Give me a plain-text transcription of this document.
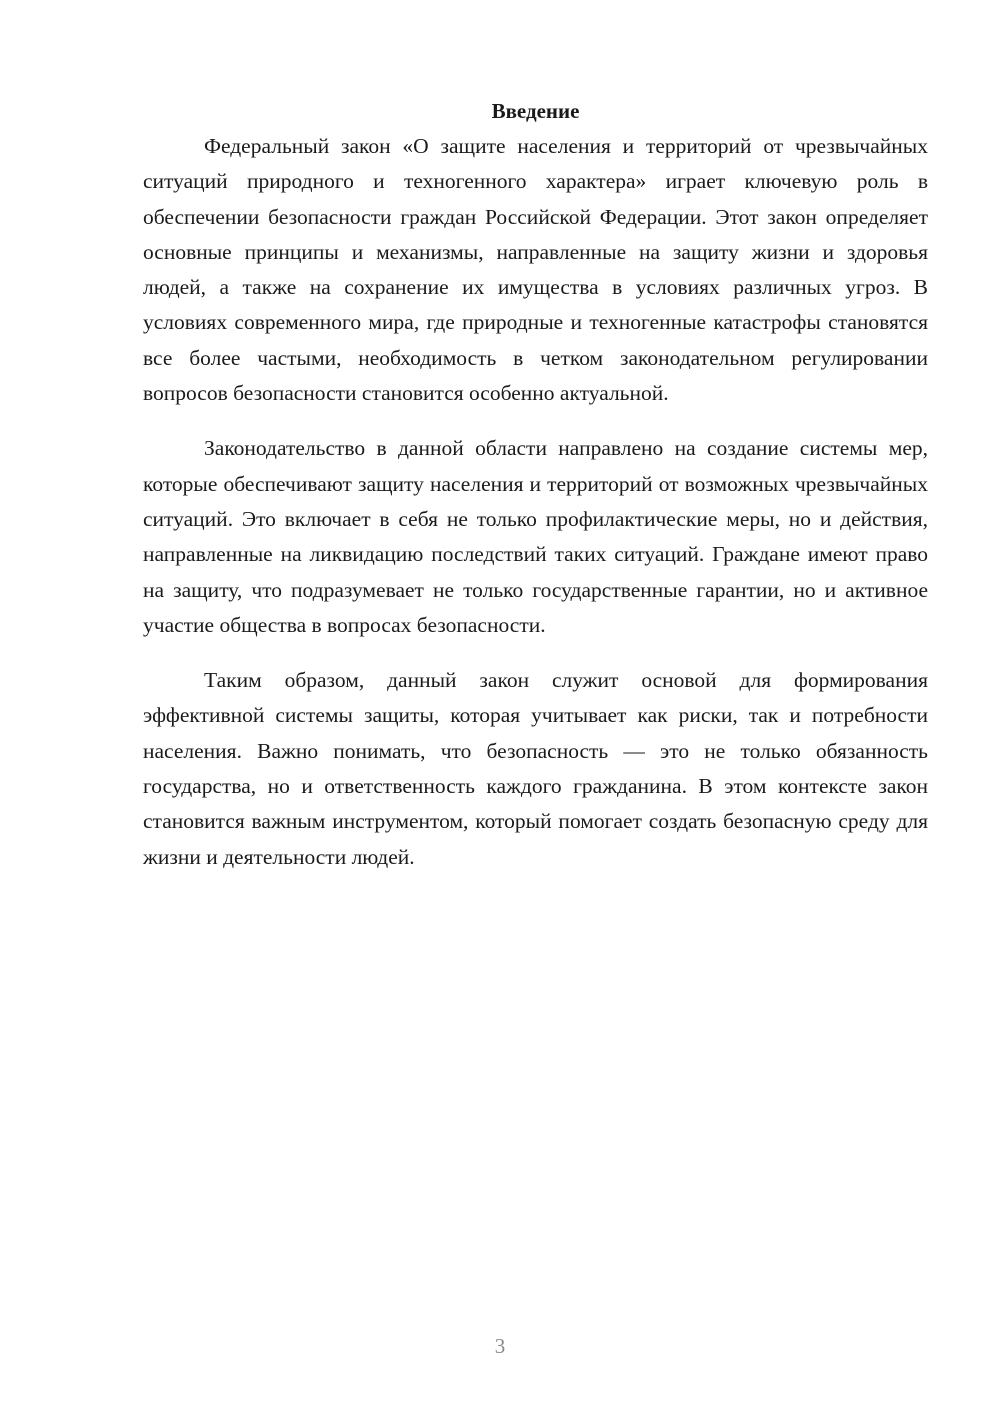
Введение

Федеральный закон «О защите населения и территорий от чрезвычайных ситуаций природного и техногенного характера» играет ключевую роль в обеспечении безопасности граждан Российской Федерации. Этот закон определяет основные принципы и механизмы, направленные на защиту жизни и здоровья людей, а также на сохранение их имущества в условиях различных угроз. В условиях современного мира, где природные и техногенные катастрофы становятся все более частыми, необходимость в четком законодательном регулировании вопросов безопасности становится особенно актуальной.

Законодательство в данной области направлено на создание системы мер, которые обеспечивают защиту населения и территорий от возможных чрезвычайных ситуаций. Это включает в себя не только профилактические меры, но и действия, направленные на ликвидацию последствий таких ситуаций. Граждане имеют право на защиту, что подразумевает не только государственные гарантии, но и активное участие общества в вопросах безопасности.

Таким образом, данный закон служит основой для формирования эффективной системы защиты, которая учитывает как риски, так и потребности населения. Важно понимать, что безопасность — это не только обязанность государства, но и ответственность каждого гражданина. В этом контексте закон становится важным инструментом, который помогает создать безопасную среду для жизни и деятельности людей.

3
